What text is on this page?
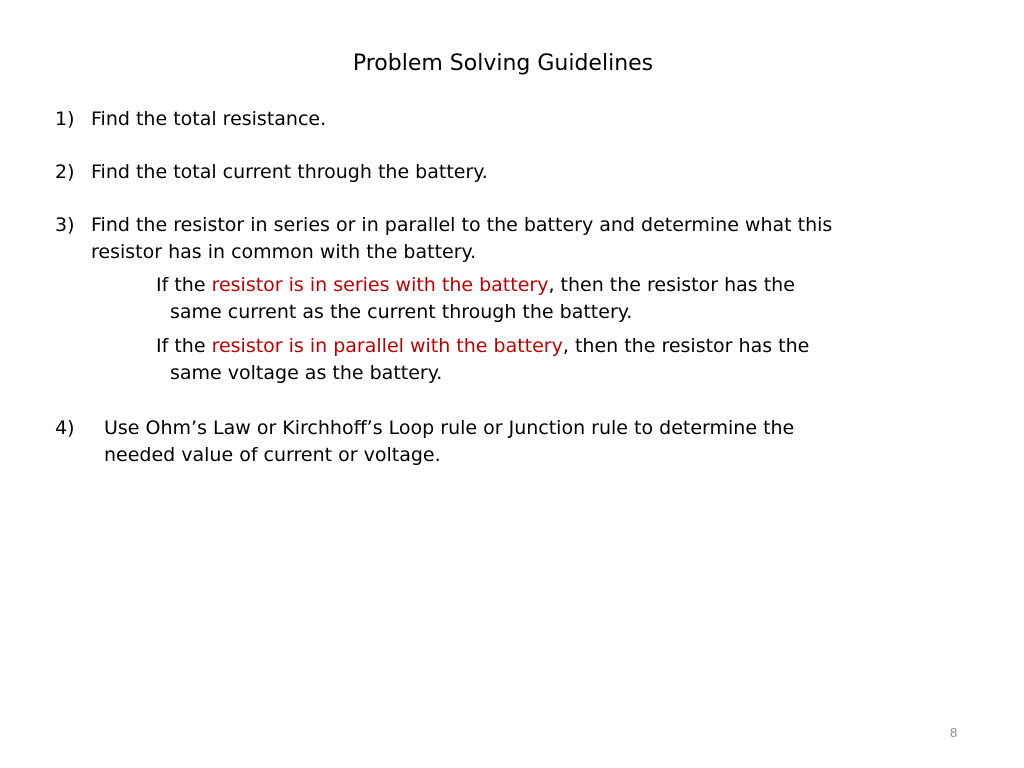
Problem Solving Guidelines
1) Find the total resistance.
2) Find the total current through the battery.
3) Find the resistor in series or in parallel to the battery and determine what this
resistor has in common with the battery.
If the resistor is in series with the battery, then the resistor has the
same current as the current through the battery.
If the resistor is in parallel with the battery, then the resistor has the
same voltage as the battery.
4) Use Ohm’s Law or Kirchhoff’s Loop rule or Junction rule to determine the
needed value of current or voltage.
8
